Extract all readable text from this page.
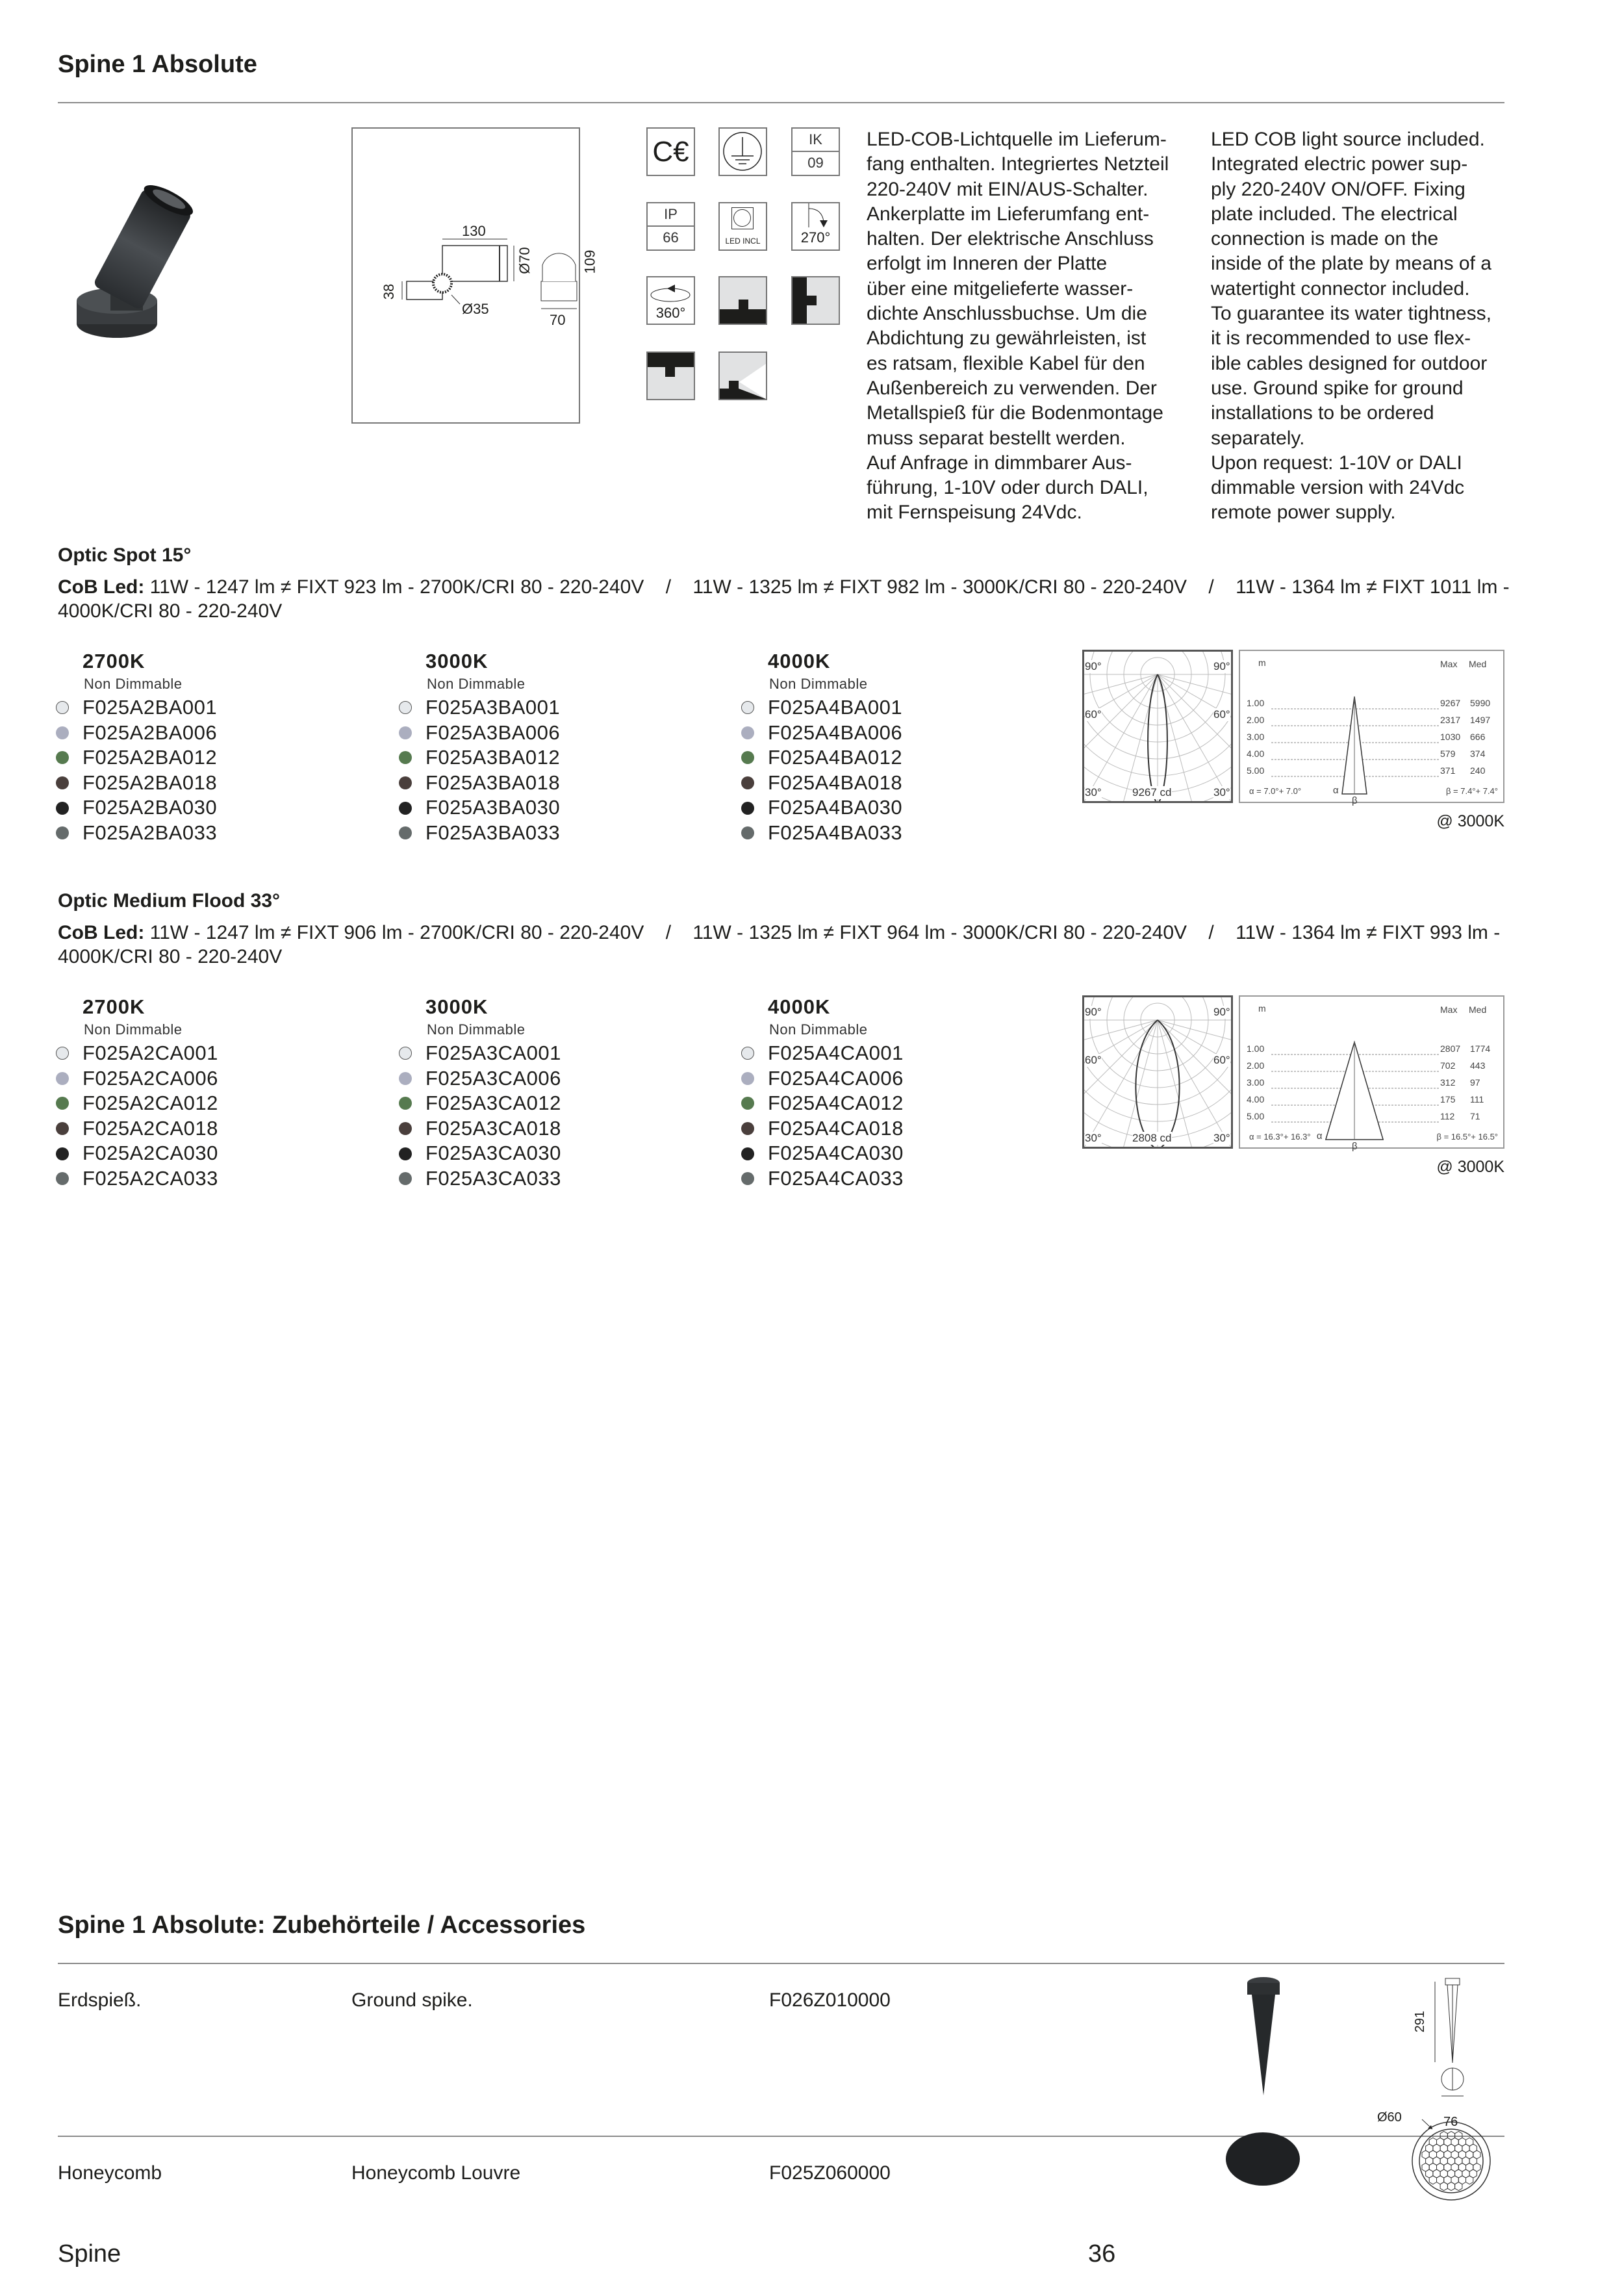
Spine 1 Absolute
130
Ø70
38
Ø35
70
109
C€	IK
09
IP
66	LED INCL	270°
360°
LED-COB-Lichtquelle im Lieferum-
fang enthalten. Integriertes Netzteil
220-240V mit EIN/AUS-Schalter.
Ankerplatte im Lieferumfang ent-
halten. Der elektrische Anschluss
erfolgt im Inneren der Platte
über eine mitgelieferte wasser-
dichte Anschlussbuchse. Um die
Abdichtung zu gewährleisten, ist
es ratsam, flexible Kabel für den
Außenbereich zu verwenden. Der
Metallspieß für die Bodenmontage
muss separat bestellt werden.
Auf Anfrage in dimmbarer Aus-
führung, 1-10V oder durch DALI,
mit Fernspeisung 24Vdc.
LED COB light source included.
Integrated electric power sup-
ply 220-240V ON/OFF. Fixing
plate included. The electrical
connection is made on the
inside of the plate by means of a
watertight connector included.
To guarantee its water tightness,
it is recommended to use flex-
ible cables designed for outdoor
use. Ground spike for ground
installations to be ordered
separately.
Upon request: 1-10V or DALI
dimmable version with 24Vdc
remote power supply.
Optic Spot 15°
CoB Led: 11W - 1247 lm ≠ FIXT 923 lm - 2700K/CRI 80 - 220-240V    /    11W - 1325 lm ≠ FIXT 982 lm - 3000K/CRI 80 - 220-240V    /    11W - 1364 lm ≠ FIXT 1011 lm - 4000K/CRI 80 - 220-240V
2700K
Non Dimmable
F025A2BA001
F025A2BA006
F025A2BA012
F025A2BA018
F025A2BA030
F025A2BA033
3000K
Non Dimmable
F025A3BA001
F025A3BA006
F025A3BA012
F025A3BA018
F025A3BA030
F025A3BA033
4000K
Non Dimmable
F025A4BA001
F025A4BA006
F025A4BA012
F025A4BA018
F025A4BA030
F025A4BA033
90°	90°
60°	60°
30°	30°
9267 cd
m	Max Med
1.00	9267 5990
2.00	2317 1497
3.00	1030 666
4.00	579 374
5.00	371 240
α
β
α = 7.0°+ 7.0°	β = 7.4°+ 7.4°
@ 3000K
Optic Medium Flood 33°
CoB Led: 11W - 1247 lm ≠ FIXT 906 lm - 2700K/CRI 80 - 220-240V    /    11W - 1325 lm ≠ FIXT 964 lm - 3000K/CRI 80 - 220-240V    /    11W - 1364 lm ≠ FIXT 993 lm - 4000K/CRI 80 - 220-240V
2700K
Non Dimmable
F025A2CA001
F025A2CA006
F025A2CA012
F025A2CA018
F025A2CA030
F025A2CA033
3000K
Non Dimmable
F025A3CA001
F025A3CA006
F025A3CA012
F025A3CA018
F025A3CA030
F025A3CA033
4000K
Non Dimmable
F025A4CA001
F025A4CA006
F025A4CA012
F025A4CA018
F025A4CA030
F025A4CA033
90°	90°
60°	60°
30°	30°
2808 cd
m	Max Med
1.00	2807 1774
2.00	702 443
3.00	312 97
4.00	175 111
5.00	112 71
α
β
α = 16.3°+ 16.3°	β = 16.5°+ 16.5°
@ 3000K
Spine 1 Absolute: Zubehörteile / Accessories
Erdspieß.	Ground spike.	F026Z010000
291
76
Honeycomb	Honeycomb Louvre	F025Z060000
Ø60
Spine	36
